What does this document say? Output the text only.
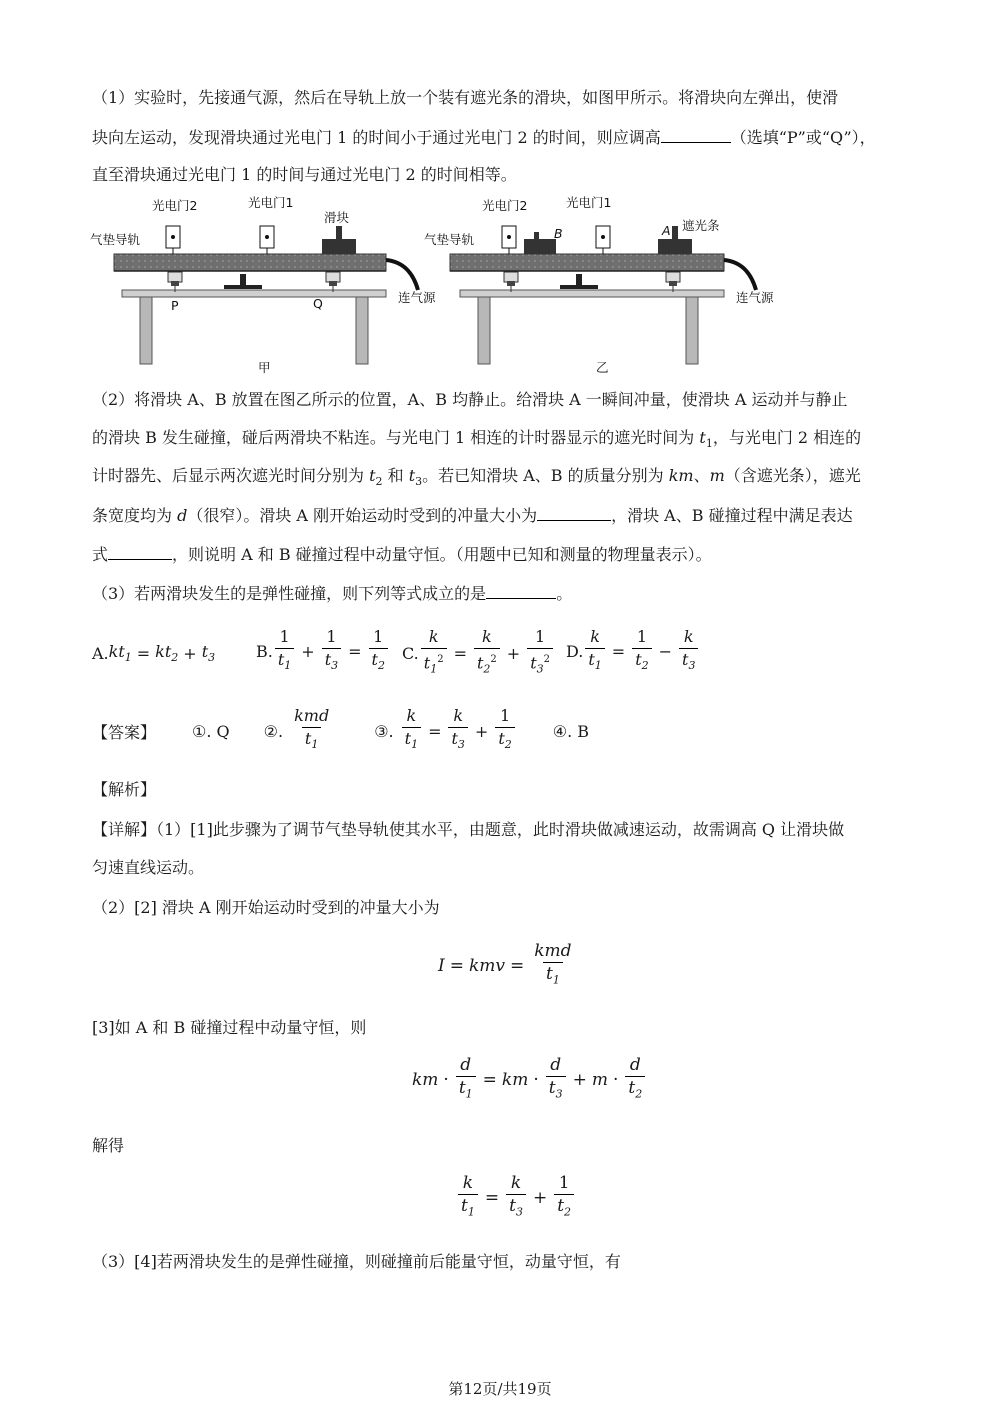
（1）实验时，先接通气源，然后在导轨上放一个装有遮光条的滑块，如图甲所示。将滑块向左弹出，使滑
块向左运动，发现滑块通过光电门 1 的时间小于通过光电门 2 的时间，则应调高	（选填“P”或“Q”），
直至滑块通过光电门 1 的时间与通过光电门 2 的时间相等。
光电门2	光电门1
滑块
气垫导轨
连气源
P	Q
甲
光电门2	光电门1
遮光条
气垫导轨
连气源
B	A
乙
（2）将滑块 A、B 放置在图乙所示的位置，A、B 均静止。给滑块 A 一瞬间冲量，使滑块 A 运动并与静止
的滑块 B 发生碰撞，碰后两滑块不粘连。与光电门 1 相连的计时器显示的遮光时间为 $t_1$，与光电门 2 相连的
计时器先、后显示两次遮光时间分别为 $t_2$ 和 $t_3$。若已知滑块 A、B 的质量分别为 km、m（含遮光条），遮光
条宽度均为 d（很窄）。滑块 A 刚开始运动时受到的冲量大小为	，滑块 A、B 碰撞过程中满足表达
式	，则说明 A 和 B 碰撞过程中动量守恒。（用题中已知和测量的物理量表示）。
（3）若两滑块发生的是弹性碰撞，则下列等式成立的是	。
A. $kt_1 = kt_2 + t_3$	B. $\frac{1}{t_1} + \frac{1}{t_3} = \frac{1}{t_2} C$. $\frac{k}{t_1^2} = \frac{k}{t_2^2} + \frac{1}{t_3^2} D$. $\frac{k}{t_1} = \frac{1}{t_2} - \frac{k}{t_3}$
【答案】 ①. Q ②. $\frac{\text{kmd}}{t_1}$	③. $\frac{k}{t_1} = \frac{k}{t_3} + \frac{1}{t_2}$ ④. B
【解析】
【详解】（1）[1]此步骤为了调节气垫导轨使其水平，由题意，此时滑块做减速运动，故需调高 Q 让滑块做
匀速直线运动。
（2）[2] 滑块 A 刚开始运动时受到的冲量大小为
I = kmv = $\frac{\text{kmd}}{t_1}$
[3]如 A 和 B 碰撞过程中动量守恒，则
km · $\frac{d}{t_1}$ = km · $\frac{d}{t_3} + m \cdot \frac{d}{t_2}$
解得
$\frac{k}{t_1} = \frac{k}{t_3} + \frac{1}{t_2}$
（3）[4]若两滑块发生的是弹性碰撞，则碰撞前后能量守恒，动量守恒，有
第12页/共19页
